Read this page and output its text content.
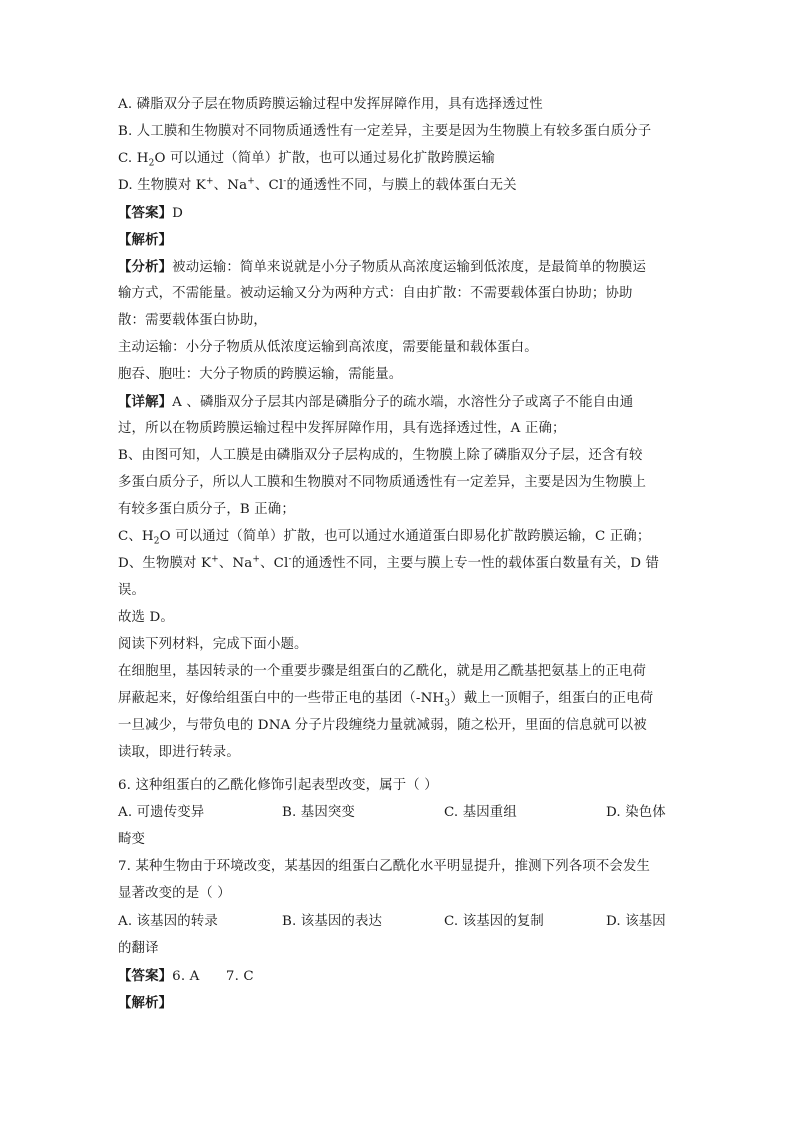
A. 磷脂双分子层在物质跨膜运输过程中发挥屏障作用，具有选择透过性
B. 人工膜和生物膜对不同物质通透性有一定差异，主要是因为生物膜上有较多蛋白质分子
C. $H_2O$ 可以通过（简单）扩散，也可以通过易化扩散跨膜运输
D. 生物膜对 K+、Na+、Cl-的通透性不同，与膜上的载体蛋白无关
【答案】D
【解析】
【分析】被动运输：简单来说就是小分子物质从高浓度运输到低浓度，是最简单的物膜运
输方式，不需能量。被动运输又分为两种方式：自由扩散：不需要载体蛋白协助；协助
散：需要载体蛋白协助，
主动运输：小分子物质从低浓度运输到高浓度，需要能量和载体蛋白。
胞吞、胞吐：大分子物质的跨膜运输，需能量。
【详解】A 、磷脂双分子层其内部是磷脂分子的疏水端，水溶性分子或离子不能自由通
过，所以在物质跨膜运输过程中发挥屏障作用，具有选择透过性，A 正确；
B、由图可知，人工膜是由磷脂双分子层构成的，生物膜上除了磷脂双分子层，还含有较
多蛋白质分子，所以人工膜和生物膜对不同物质通透性有一定差异，主要是因为生物膜上
有较多蛋白质分子，B 正确；
C、$H_2O$ 可以通过（简单）扩散，也可以通过水通道蛋白即易化扩散跨膜运输，C 正确；
D、生物膜对 K+、Na+、Cl-的通透性不同，主要与膜上专一性的载体蛋白数量有关，D 错
误。
故选 D。
阅读下列材料，完成下面小题。
在细胞里，基因转录的一个重要步骤是组蛋白的乙酰化，就是用乙酰基把氨基上的正电荷
屏蔽起来，好像给组蛋白中的一些带正电的基团$(-NH_3)$戴上一顶帽子，组蛋白的正电荷
一旦减少，与带负电的 DNA 分子片段缠绕力量就减弱，随之松开，里面的信息就可以被
读取，即进行转录。
6. 这种组蛋白的乙酰化修饰引起表型改变，属于（ ）
A. 可遗传变异	B. 基因突变	C. 基因重组	D. 染色体
畸变
7. 某种生物由于环境改变，某基因的组蛋白乙酰化水平明显提升，推测下列各项不会发生
显著改变的是（ ）
A. 该基因的转录	B. 该基因的表达	C. 该基因的复制	D. 该基因
的翻译
【答案】6. A      7. C
【解析】
